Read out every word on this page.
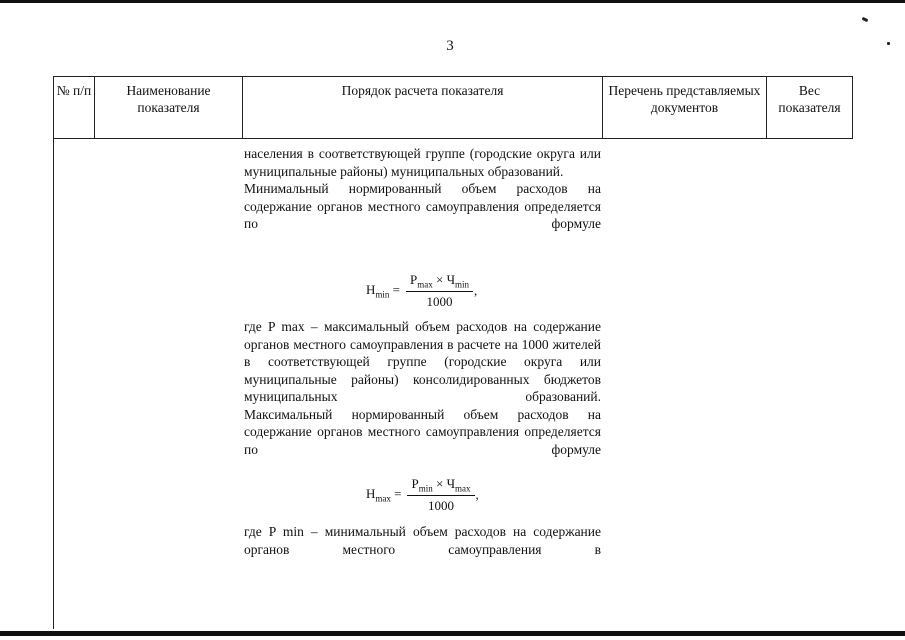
3
№ п/п	Наименование показателя	Порядок расчета показателя	Перечень представляемых документов	Вес показателя

населения в соответствующей группе (городские округа или муниципальные районы) муниципальных образований.

Минимальный нормированный объем расходов на содержание органов местного самоуправления определяется по формуле

$H_{min} = \frac{P_{max} \times Ч_{min}}{1000}$ ,

где P max – максимальный объем расходов на содержание органов местного самоуправления в расчете на 1000 жителей в соответствующей группе (городские округа или муниципальные районы) консолидированных бюджетов муниципальных образований.

Максимальный нормированный объем расходов на содержание органов местного самоуправления определяется по формуле

$H_{max} = \frac{P_{min} \times Ч_{max}}{1000}$ ,

где P min – минимальный объем расходов на содержание органов местного самоуправления в
